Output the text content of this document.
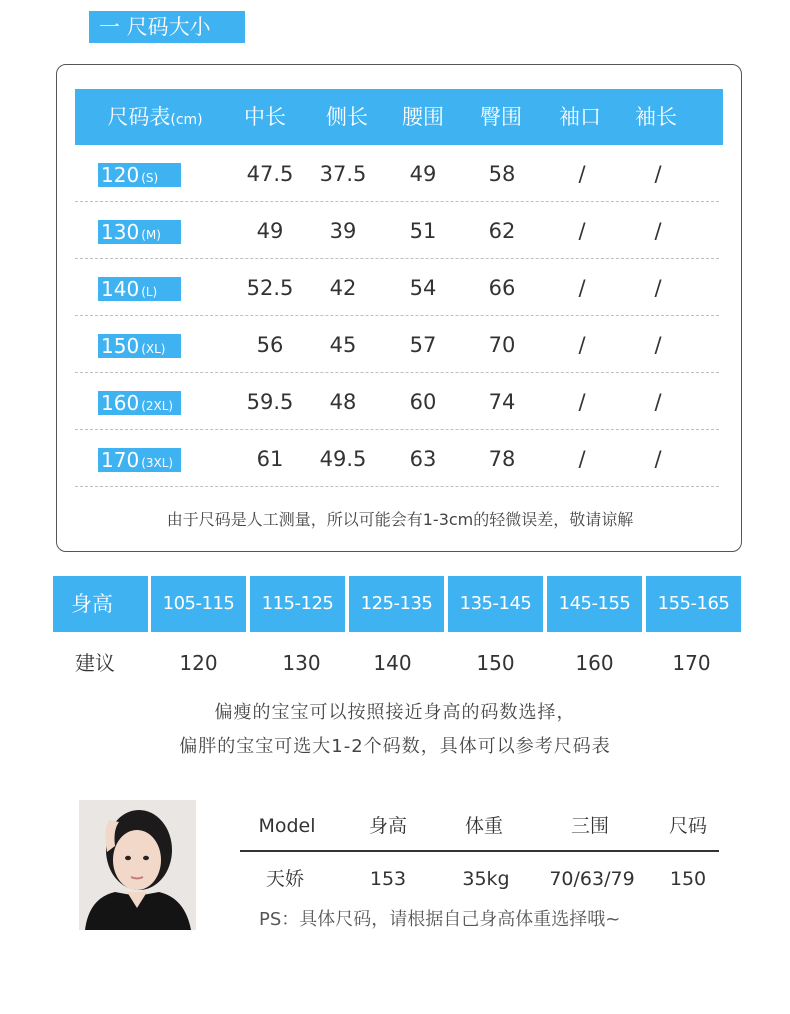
一 尺码大小
尺码表(cm)	中长	侧长	腰围	臀围	袖口	袖长
120 (S)	47.5	37.5	49	58	/	/
130 (M)	49	39	51	62	/	/
140 (L)	52.5	42	54	66	/	/
150 (XL)	56	45	57	70	/	/
160 (2XL)	59.5	48	60	74	/	/
170 (3XL)	61	49.5	63	78	/	/
由于尺码是人工测量，所以可能会有1-3cm的轻微误差，敬请谅解
身高	105-115	115-125	125-135	135-145	145-155	155-165
建议	120	130	140	150	160	170
偏瘦的宝宝可以按照接近身高的码数选择，
偏胖的宝宝可选大1-2个码数，具体可以参考尺码表
Model	身高	体重	三围	尺码
天娇	153	35kg	70/63/79	150
PS：具体尺码，请根据自己身高体重选择哦~
